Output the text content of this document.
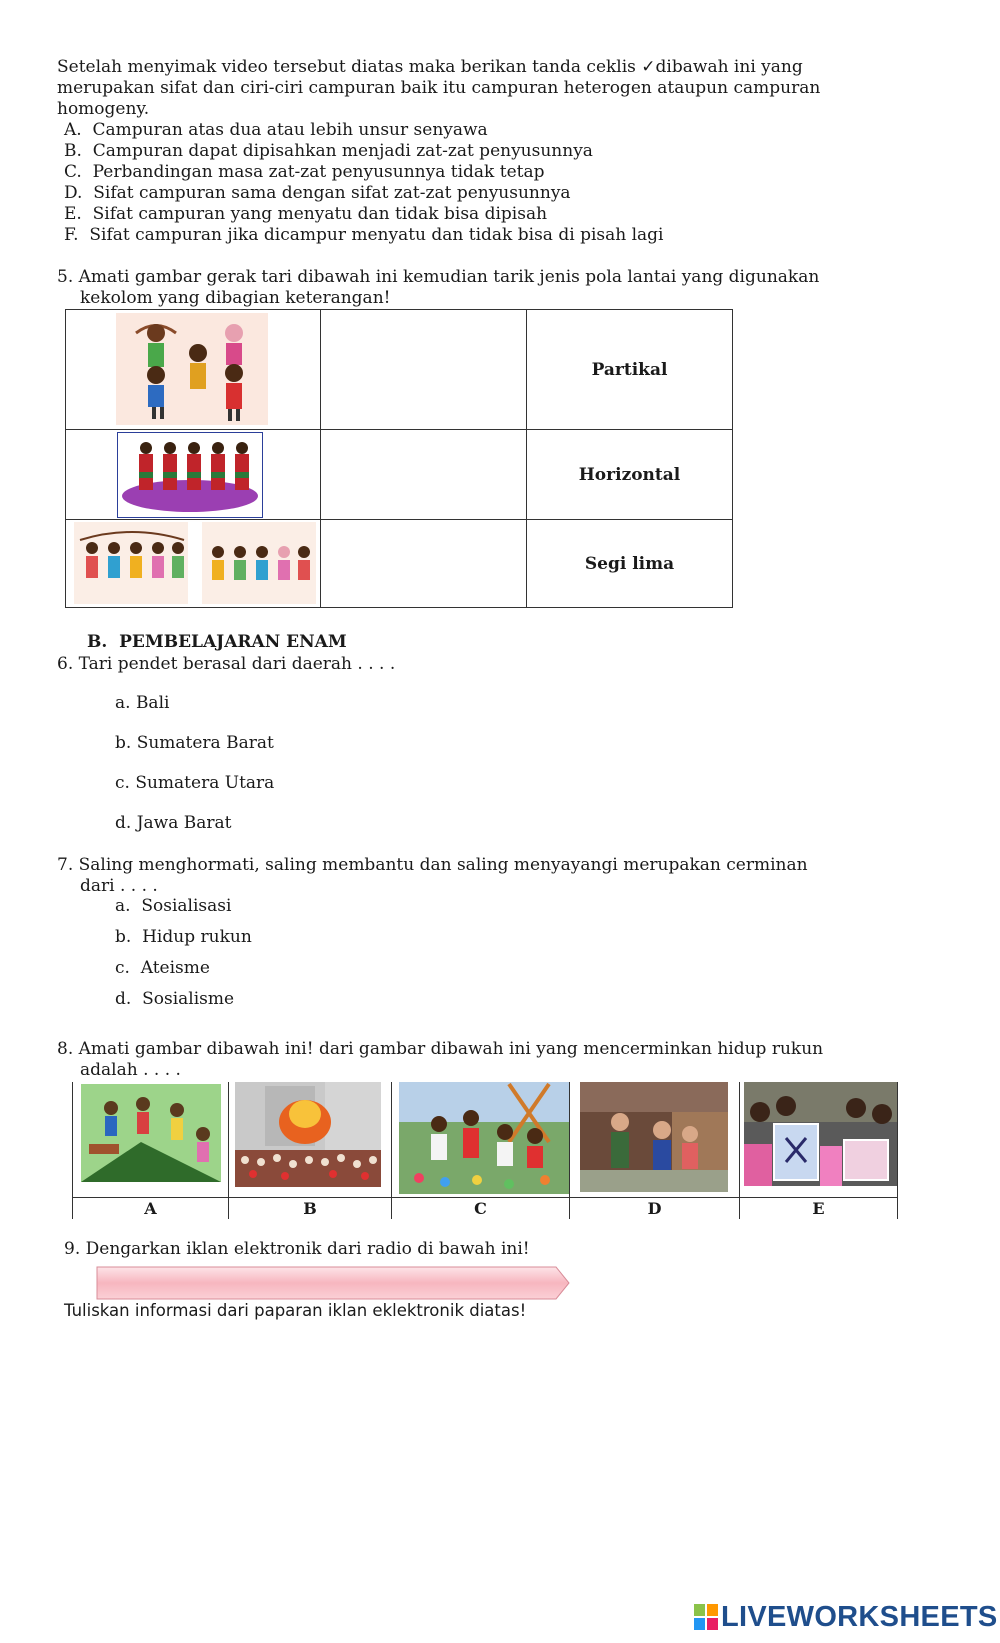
Setelah menyimak video tersebut diatas maka berikan tanda ceklis ✓dibawah ini yang
merupakan sifat dan ciri-ciri campuran baik itu campuran heterogen ataupun campuran
homogeny.
A. Campuran atas dua atau lebih unsur senyawa
B. Campuran dapat dipisahkan menjadi zat-zat penyusunnya
C. Perbandingan masa zat-zat penyusunnya tidak tetap
D. Sifat campuran sama dengan sifat zat-zat penyusunnya
E. Sifat campuran yang menyatu dan tidak bisa dipisah
F. Sifat campuran jika dicampur menyatu dan tidak bisa di pisah lagi
5. Amati gambar gerak tari dibawah ini kemudian tarik jenis pola lantai yang digunakan
kekolom yang dibagian keterangan!
		Partikal

		Horizontal

		Segi lima
B. PEMBELAJARAN ENAM
6. Tari pendet berasal dari daerah . . . .
a. Bali
b. Sumatera Barat
c. Sumatera Utara
d. Jawa Barat
7. Saling menghormati, saling membantu dan saling menyayangi merupakan cerminan
dari . . . .
a. Sosialisasi
b. Hidup rukun
c. Ateisme
d. Sosialisme
8. Amati gambar dibawah ini! dari gambar dibawah ini yang mencerminkan hidup rukun
adalah . . . .
A	B	C	D	E
9. Dengarkan iklan elektronik dari radio di bawah ini!
Tuliskan informasi dari paparan iklan eklektronik diatas!
LIVEWORKSHEETS
